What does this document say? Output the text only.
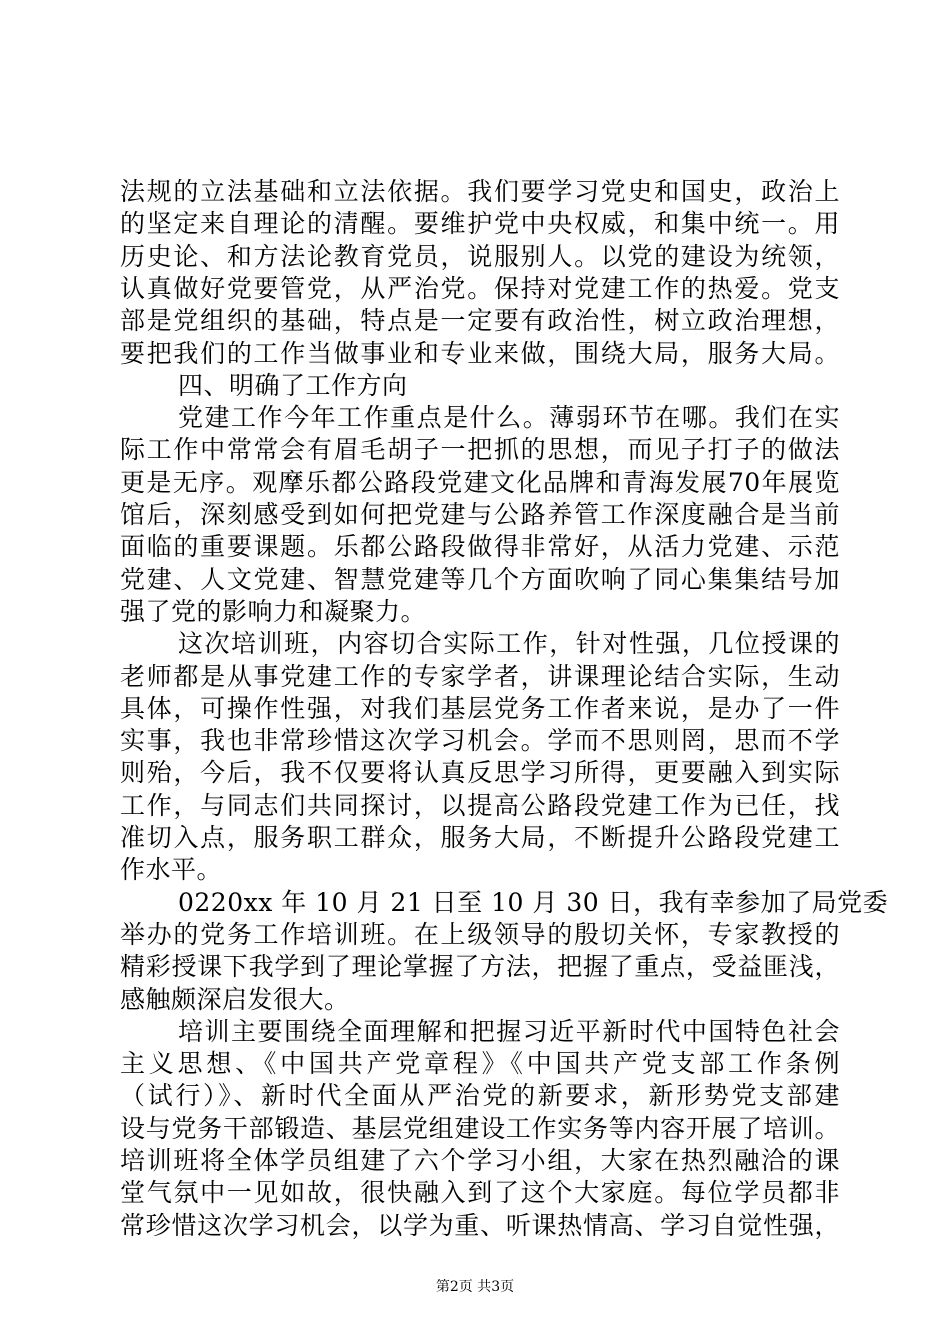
法规的立法基础和立法依据。我们要学习党史和国史，政治上
的坚定来自理论的清醒。要维护党中央权威，和集中统一。用
历史论、和方法论教育党员，说服别人。以党的建设为统领，
认真做好党要管党，从严治党。保持对党建工作的热爱。党支
部是党组织的基础，特点是一定要有政治性，树立政治理想，
要把我们的工作当做事业和专业来做，围绕大局，服务大局。
四、明确了工作方向
党建工作今年工作重点是什么。薄弱环节在哪。我们在实
际工作中常常会有眉毛胡子一把抓的思想，而见子打子的做法
更是无序。观摩乐都公路段党建文化品牌和青海发展70年展览
馆后，深刻感受到如何把党建与公路养管工作深度融合是当前
面临的重要课题。乐都公路段做得非常好，从活力党建、示范
党建、人文党建、智慧党建等几个方面吹响了同心集集结号加
强了党的影响力和凝聚力。
这次培训班，内容切合实际工作，针对性强，几位授课的
老师都是从事党建工作的专家学者，讲课理论结合实际，生动
具体，可操作性强，对我们基层党务工作者来说，是办了一件
实事，我也非常珍惜这次学习机会。学而不思则罔，思而不学
则殆，今后，我不仅要将认真反思学习所得，更要融入到实际
工作，与同志们共同探讨，以提高公路段党建工作为已任，找
准切入点，服务职工群众，服务大局，不断提升公路段党建工
作水平。
0220xx 年 10 月 21 日至 10 月 30 日，我有幸参加了局党委
举办的党务工作培训班。在上级领导的殷切关怀，专家教授的
精彩授课下我学到了理论掌握了方法，把握了重点，受益匪浅，
感触颇深启发很大。
培训主要围绕全面理解和把握习近平新时代中国特色社会
主义思想、《中国共产党章程》《中国共产党支部工作条例
（试行）》、新时代全面从严治党的新要求，新形势党支部建
设与党务干部锻造、基层党组建设工作实务等内容开展了培训。
培训班将全体学员组建了六个学习小组，大家在热烈融洽的课
堂气氛中一见如故，很快融入到了这个大家庭。每位学员都非
常珍惜这次学习机会，以学为重、听课热情高、学习自觉性强，
第2页 共3页
